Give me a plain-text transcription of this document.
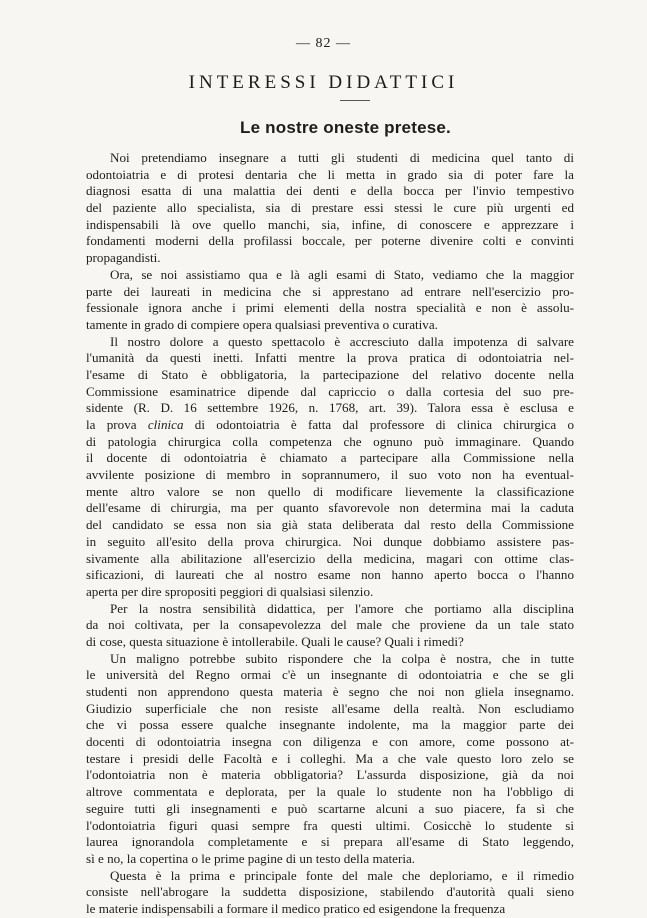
— 82 —
INTERESSI DIDATTICI
Le nostre oneste pretese.
Noi pretendiamo insegnare a tutti gli studenti di medicina quel tanto di
odontoiatria e di protesi dentaria che li metta in grado sia di poter fare la
diagnosi esatta di una malattia dei denti e della bocca per l'invio tempestivo
del paziente allo specialista, sia di prestare essi stessi le cure più urgenti ed
indispensabili là ove quello manchi, sia, infine, di conoscere e apprezzare i
fondamenti moderni della profilassi boccale, per poterne divenire colti e convinti
propagandisti.
Ora, se noi assistiamo qua e là agli esami di Stato, vediamo che la maggior
parte dei laureati in medicina che si apprestano ad entrare nell'esercizio pro-
fessionale ignora anche i primi elementi della nostra specialità e non è assolu-
tamente in grado di compiere opera qualsiasi preventiva o curativa.
Il nostro dolore a questo spettacolo è accresciuto dalla impotenza di salvare
l'umanità da questi inetti. Infatti mentre la prova pratica di odontoiatria nel-
l'esame di Stato è obbligatoria, la partecipazione del relativo docente nella
Commissione esaminatrice dipende dal capriccio o dalla cortesia del suo pre-
sidente (R. D. 16 settembre 1926, n. 1768, art. 39). Talora essa è esclusa e
la prova clinica di odontoiatria è fatta dal professore di clinica chirurgica o
di patologia chirurgica colla competenza che ognuno può immaginare. Quando
il docente di odontoiatria è chiamato a partecipare alla Commissione nella
avvilente posizione di membro in soprannumero, il suo voto non ha eventual-
mente altro valore se non quello di modificare lievemente la classificazione
dell'esame di chirurgia, ma per quanto sfavorevole non determina mai la caduta
del candidato se essa non sia già stata deliberata dal resto della Commissione
in seguito all'esito della prova chirurgica. Noi dunque dobbiamo assistere pas-
sivamente alla abilitazione all'esercizio della medicina, magari con ottime clas-
sificazioni, di laureati che al nostro esame non hanno aperto bocca o l'hanno
aperta per dire spropositi peggiori di qualsiasi silenzio.
Per la nostra sensibilità didattica, per l'amore che portiamo alla disciplina
da noi coltivata, per la consapevolezza del male che proviene da un tale stato
di cose, questa situazione è intollerabile. Quali le cause? Quali i rimedi?
Un maligno potrebbe subito rispondere che la colpa è nostra, che in tutte
le università del Regno ormai c'è un insegnante di odontoiatria e che se gli
studenti non apprendono questa materia è segno che noi non gliela insegnamo.
Giudizio superficiale che non resiste all'esame della realtà. Non escludiamo
che vi possa essere qualche insegnante indolente, ma la maggior parte dei
docenti di odontoiatria insegna con diligenza e con amore, come possono at-
testare i presidi delle Facoltà e i colleghi. Ma a che vale questo loro zelo se
l'odontoiatria non è materia obbligatoria? L'assurda disposizione, già da noi
altrove commentata e deplorata, per la quale lo studente non ha l'obbligo di
seguire tutti gli insegnamenti e può scartarne alcuni a suo piacere, fa sì che
l'odontoiatria figuri quasi sempre fra questi ultimi. Cosicchè lo studente si
laurea ignorandola completamente e si prepara all'esame di Stato leggendo,
sì e no, la copertina o le prime pagine di un testo della materia.
Questa è la prima e principale fonte del male che deploriamo, e il rimedio
consiste nell'abrogare la suddetta disposizione, stabilendo d'autorità quali sieno
le materie indispensabili a formare il medico pratico ed esigendone la frequenza
